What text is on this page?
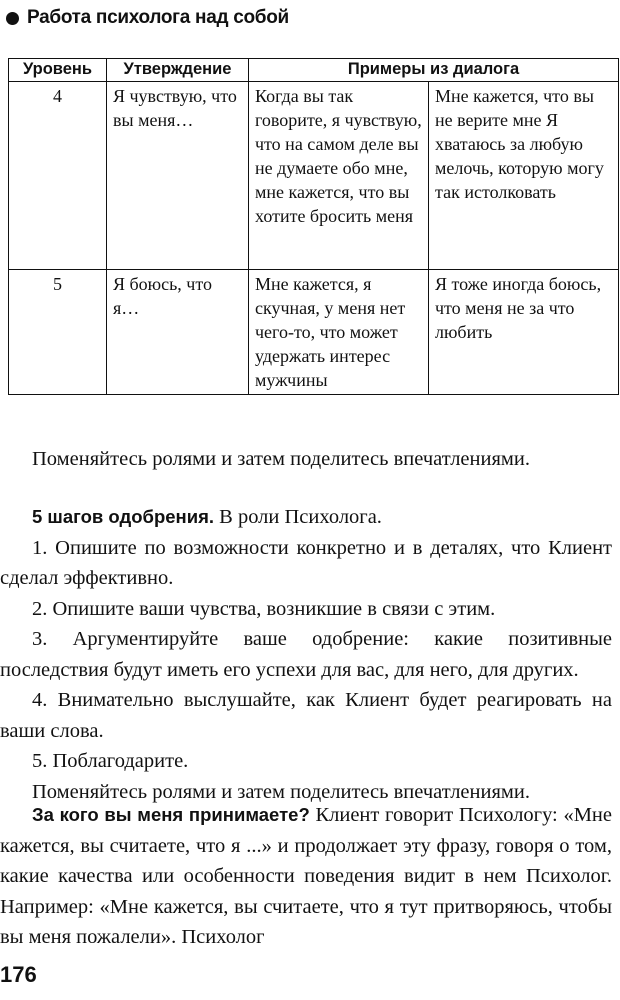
Работа психолога над собой
Уровень	Утверждение	Примеры из диалога	
4	Я чувствую, что вы меня…	Когда вы так говорите, я чувствую, что на самом деле вы не думаете обо мне, мне кажется, что вы хотите бросить меня	Мне кажется, что вы не верите мне Я хватаюсь за любую мелочь, которую могу так истолковать
5	Я боюсь, что я…	Мне кажется, я скучная, у меня нет чего-то, что может удержать интерес мужчины	Я тоже иногда боюсь, что меня не за что любить

Поменяйтесь ролями и затем поделитесь впечатлениями.

5 шагов одобрения. В роли Психолога.

1. Опишите по возможности конкретно и в деталях, что Клиент сделал эффективно.

2. Опишите ваши чувства, возникшие в связи с этим.

3. Аргументируйте ваше одобрение: какие позитивные последствия будут иметь его успехи для вас, для него, для других.

4. Внимательно выслушайте, как Клиент будет реагировать на ваши слова.

5. Поблагодарите.

Поменяйтесь ролями и затем поделитесь впечатлениями.

За кого вы меня принимаете? Клиент говорит Психологу: «Мне кажется, вы считаете, что я ...» и продолжает эту фразу, говоря о том, какие качества или особенности поведения видит в нем Психолог. Например: «Мне кажется, вы считаете, что я тут притворяюсь, чтобы вы меня пожалели». Психолог

176
